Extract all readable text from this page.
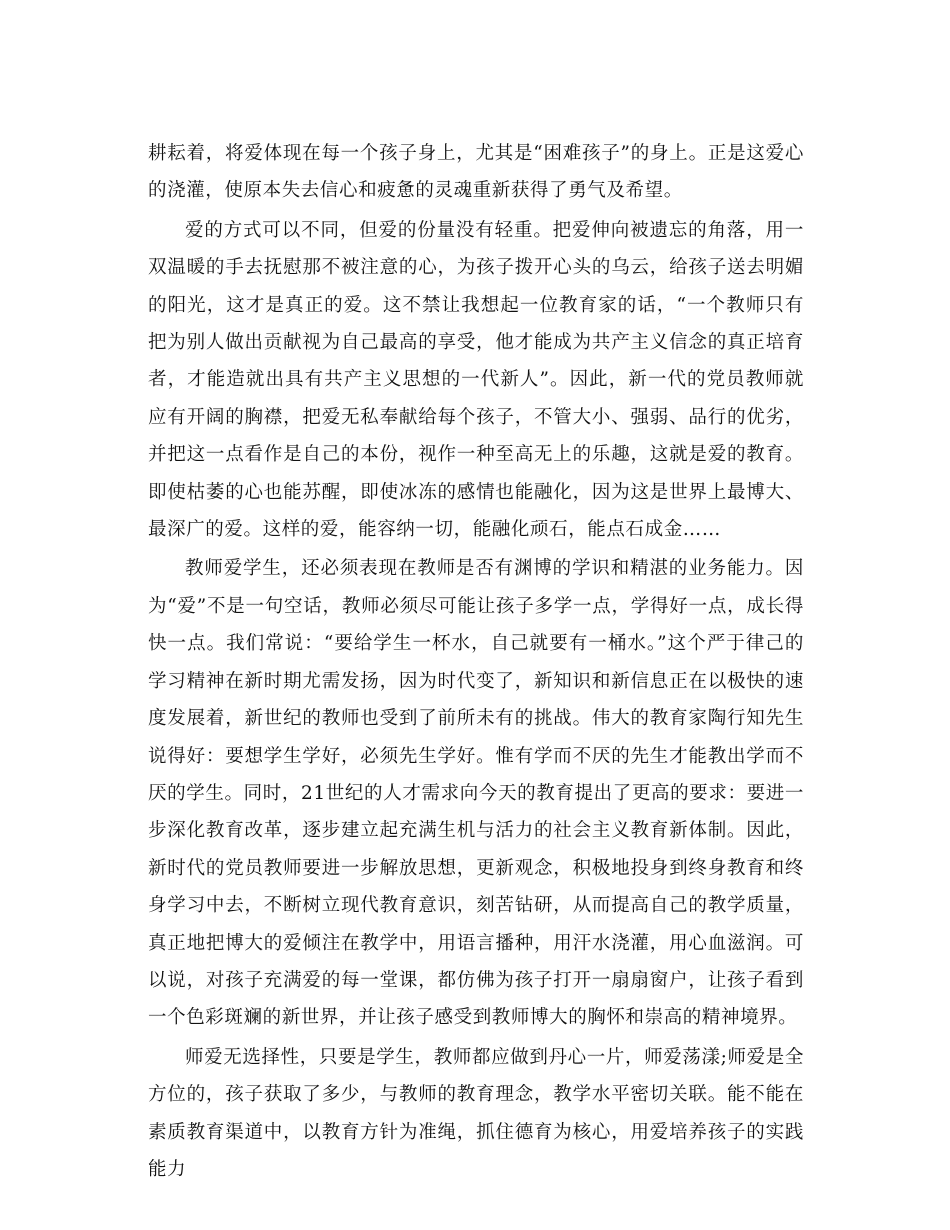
耕耘着，将爱体现在每一个孩子身上，尤其是“困难孩子”的身上。正是这爱心的浇灌，使原本失去信心和疲惫的灵魂重新获得了勇气及希望。

爱的方式可以不同，但爱的份量没有轻重。把爱伸向被遗忘的角落，用一双温暖的手去抚慰那不被注意的心，为孩子拨开心头的乌云，给孩子送去明媚的阳光，这才是真正的爱。这不禁让我想起一位教育家的话，“一个教师只有把为别人做出贡献视为自己最高的享受，他才能成为共产主义信念的真正培育者，才能造就出具有共产主义思想的一代新人”。因此，新一代的党员教师就应有开阔的胸襟，把爱无私奉献给每个孩子，不管大小、强弱、品行的优劣，并把这一点看作是自己的本份，视作一种至高无上的乐趣，这就是爱的教育。即使枯萎的心也能苏醒，即使冰冻的感情也能融化，因为这是世界上最博大、最深广的爱。这样的爱，能容纳一切，能融化顽石，能点石成金……

教师爱学生，还必须表现在教师是否有渊博的学识和精湛的业务能力。因为“爱”不是一句空话，教师必须尽可能让孩子多学一点，学得好一点，成长得快一点。我们常说：“要给学生一杯水，自己就要有一桶水。”这个严于律己的学习精神在新时期尤需发扬，因为时代变了，新知识和新信息正在以极快的速度发展着，新世纪的教师也受到了前所未有的挑战。伟大的教育家陶行知先生说得好：要想学生学好，必须先生学好。惟有学而不厌的先生才能教出学而不厌的学生。同时，21世纪的人才需求向今天的教育提出了更高的要求：要进一步深化教育改革，逐步建立起充满生机与活力的社会主义教育新体制。因此，新时代的党员教师要进一步解放思想，更新观念，积极地投身到终身教育和终身学习中去，不断树立现代教育意识，刻苦钻研，从而提高自己的教学质量，真正地把博大的爱倾注在教学中，用语言播种，用汗水浇灌，用心血滋润。可以说，对孩子充满爱的每一堂课，都仿佛为孩子打开一扇扇窗户，让孩子看到一个色彩斑斓的新世界，并让孩子感受到教师博大的胸怀和崇高的精神境界。

师爱无选择性，只要是学生，教师都应做到丹心一片，师爱荡漾;师爱是全方位的，孩子获取了多少，与教师的教育理念，教学水平密切关联。能不能在素质教育渠道中，以教育方针为准绳，抓住德育为核心，用爱培养孩子的实践能力
